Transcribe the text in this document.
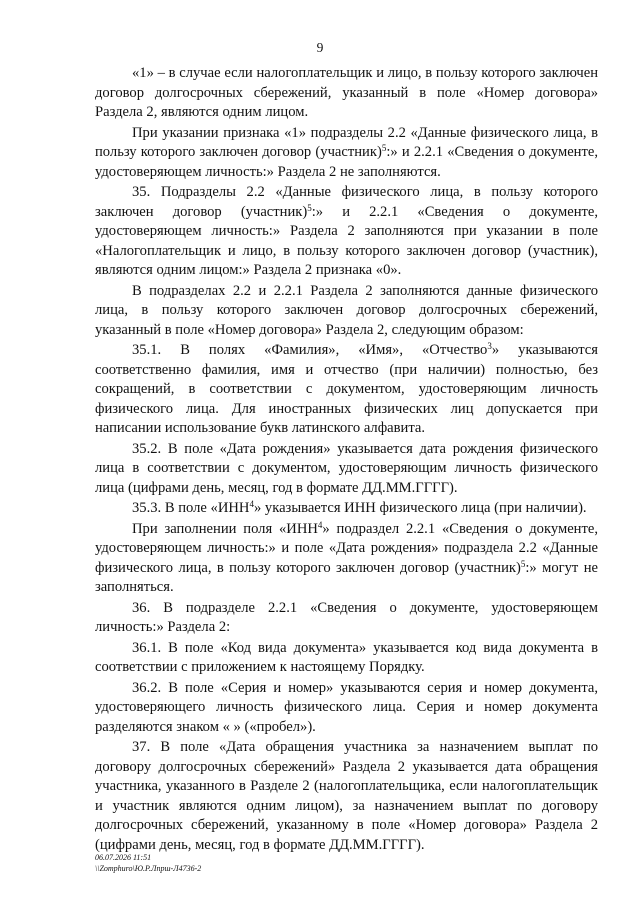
9

«1» – в случае если налогоплательщик и лицо, в пользу которого заключен договор долгосрочных сбережений, указанный в поле «Номер договора» Раздела 2, являются одним лицом.

При указании признака «1» подразделы 2.2 «Данные физического лица, в пользу которого заключен договор (участник)$^5$:» и 2.2.1 «Сведения о документе, удостоверяющем личность:» Раздела 2 не заполняются.

35. Подразделы 2.2 «Данные физического лица, в пользу которого заключен договор (участник)$^5$:» и 2.2.1 «Сведения о документе, удостоверяющем личность:» Раздела 2 заполняются при указании в поле «Налогоплательщик и лицо, в пользу которого заключен договор (участник), являются одним лицом:» Раздела 2 признака «0».

В подразделах 2.2 и 2.2.1 Раздела 2 заполняются данные физического лица, в пользу которого заключен договор долгосрочных сбережений, указанный в поле «Номер договора» Раздела 2, следующим образом:

35.1. В полях «Фамилия», «Имя», «Отчество$^3$» указываются соответственно фамилия, имя и отчество (при наличии) полностью, без сокращений, в соответствии с документом, удостоверяющим личность физического лица. Для иностранных физических лиц допускается при написании использование букв латинского алфавита.

35.2. В поле «Дата рождения» указывается дата рождения физического лица в соответствии с документом, удостоверяющим личность физического лица (цифрами день, месяц, год в формате ДД.ММ.ГГГГ).

35.3. В поле «ИНН$^4$» указывается ИНН физического лица (при наличии).

При заполнении поля «ИНН$^4$» подраздел 2.2.1 «Сведения о документе, удостоверяющем личность:» и поле «Дата рождения» подраздела 2.2 «Данные физического лица, в пользу которого заключен договор (участник)$^5$:» могут не заполняться.

36. В подразделе 2.2.1 «Сведения о документе, удостоверяющем личность:» Раздела 2:

36.1. В поле «Код вида документа» указывается код вида документа в соответствии с приложением к настоящему Порядку.

36.2. В поле «Серия и номер» указываются серия и номер документа, удостоверяющего личность физического лица. Серия и номер документа разделяются знаком « » («пробел»).

37. В поле «Дата обращения участника за назначением выплат по договору долгосрочных сбережений» Раздела 2 указывается дата обращения участника, указанного в Разделе 2 (налогоплательщика, если налогоплательщик и участник являются одним лицом), за назначением выплат по договору долгосрочных сбережений, указанному в поле «Номер договора» Раздела 2 (цифрами день, месяц, год в формате ДД.ММ.ГГГГ).

06.07.2026 11:51
\\Zomphuro\Ю.Р.Лпрш-Л4736-2
